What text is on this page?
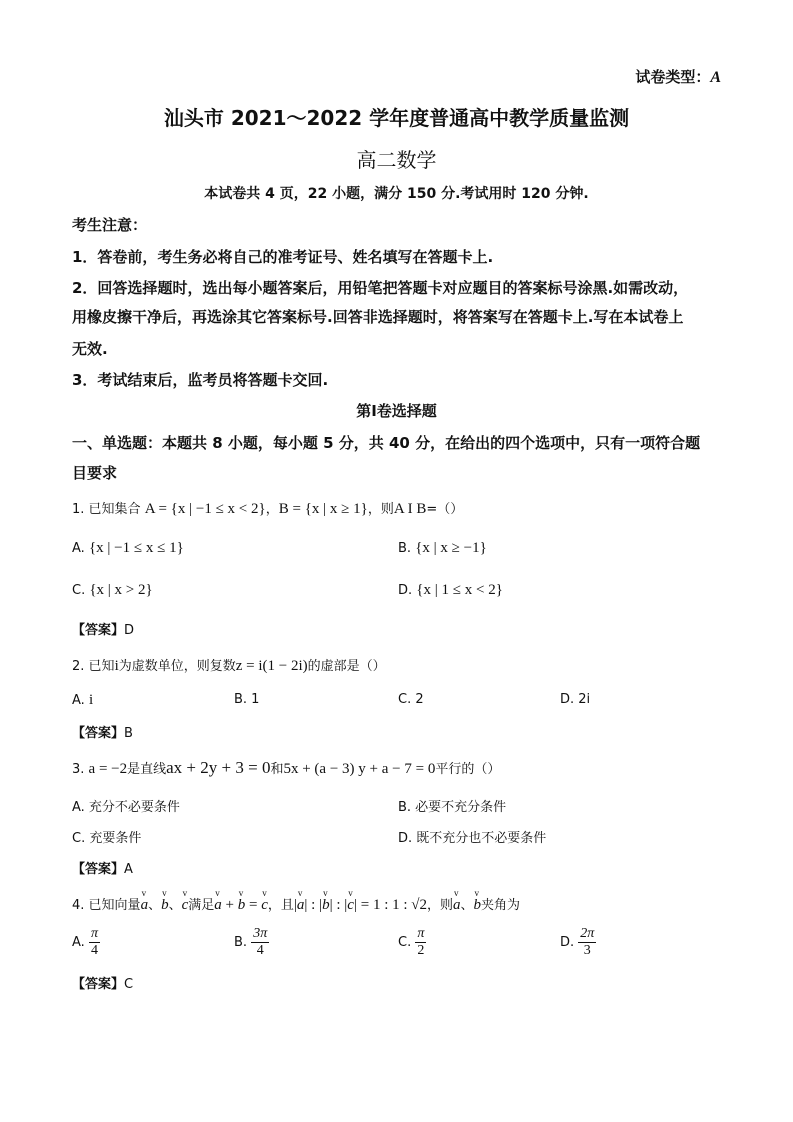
试卷类型：A
汕头市 2021～2022 学年度普通高中教学质量监测
高二数学
本试卷共 4 页，22 小题，满分 150 分.考试用时 120 分钟.
考生注意：
1．答卷前，考生务必将自己的准考证号、姓名填写在答题卡上.
2．回答选择题时，选出每小题答案后，用铅笔把答题卡对应题目的答案标号涂黑.如需改动，
用橡皮擦干净后，再选涂其它答案标号.回答非选择题时，将答案写在答题卡上.写在本试卷上
无效.
3．考试结束后，监考员将答题卡交回.
第Ⅰ卷选择题
一、单选题：本题共 8 小题，每小题 5 分，共 40 分，在给出的四个选项中，只有一项符合题
目要求
1. 已知集合 A = {x | −1 ≤ x < 2}，B = {x | x ≥ 1}，则A I B=（）
A. {x | −1 ≤ x ≤ 1}	B. {x | x ≥ −1}
C. {x | x > 2}	D. {x | 1 ≤ x < 2}
【答案】D
2. 已知i为虚数单位，则复数z = i(1 − 2i)的虚部是（）
A. i	B. 1	C. 2	D. 2i
【答案】B
3. a = −2是直线ax + 2y + 3 = 0和5x + (a − 3) y + a − 7 = 0平行的（）
A. 充分不必要条件	B. 必要不充分条件
C. 充要条件	D. 既不充分也不必要条件
【答案】A
4. 已知向量v a、v b、v c满足v a + v b = v c，且|v a| : |v b| : |v c| = 1 : 1 : √2，则v a、v b夹角为
A. $\frac{\pi}{4}$	B. $\frac{3\pi}{4}$	C. $\frac{\pi}{2}$	D. $\frac{2\pi}{3}$
【答案】C
